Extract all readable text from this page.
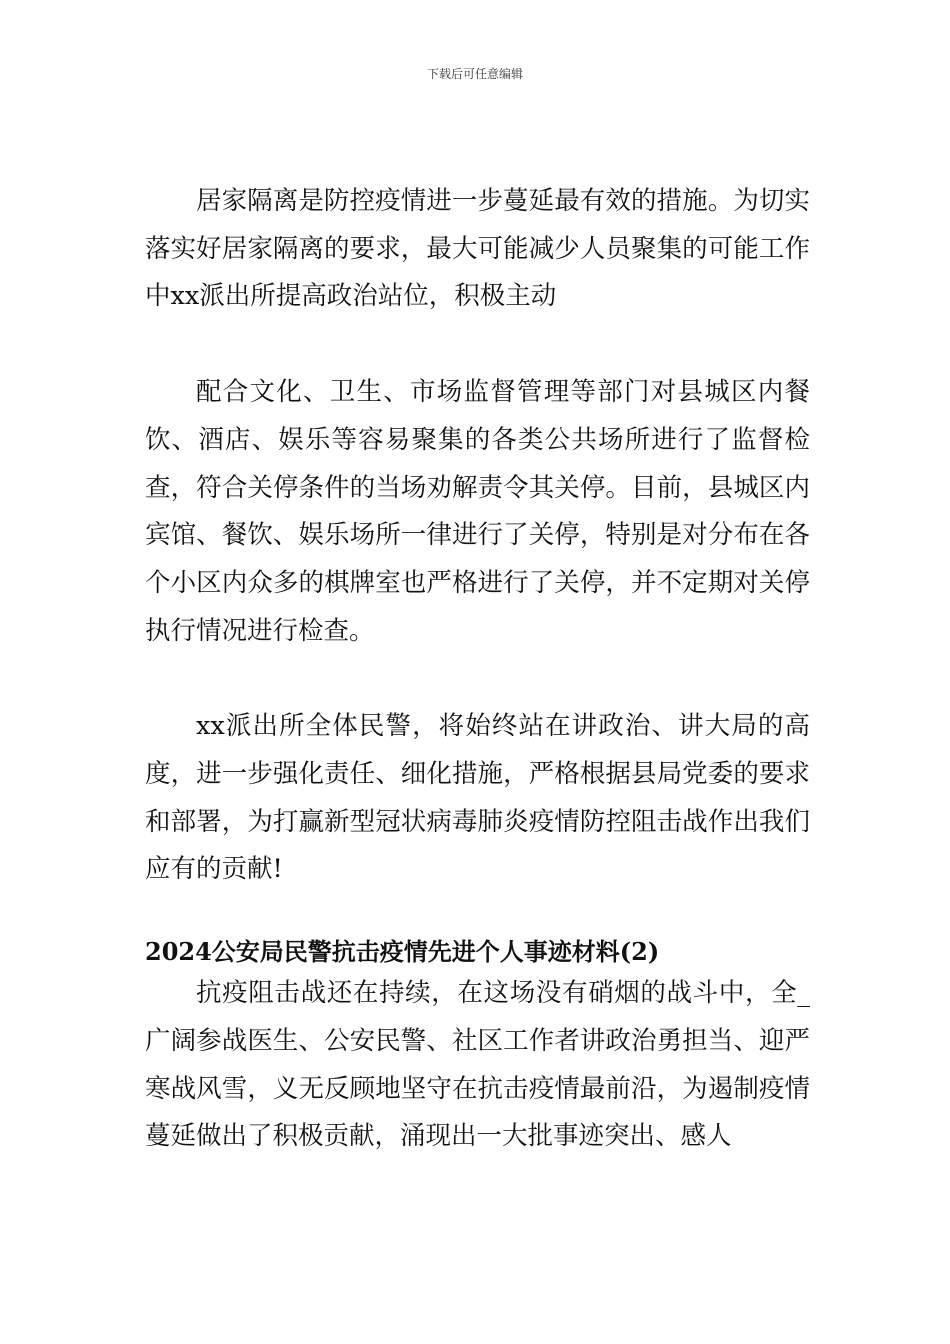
下载后可任意编辑

居家隔离是防控疫情进一步蔓延最有效的措施。为切实落实好居家隔离的要求，最大可能减少人员聚集的可能工作中xx派出所提高政治站位，积极主动

配合文化、卫生、市场监督管理等部门对县城区内餐饮、酒店、娱乐等容易聚集的各类公共场所进行了监督检查，符合关停条件的当场劝解责令其关停。目前，县城区内宾馆、餐饮、娱乐场所一律进行了关停，特别是对分布在各个小区内众多的棋牌室也严格进行了关停，并不定期对关停执行情况进行检查。

xx派出所全体民警，将始终站在讲政治、讲大局的高度，进一步强化责任、细化措施，严格根据县局党委的要求和部署，为打赢新型冠状病毒肺炎疫情防控阻击战作出我们应有的贡献!

2024公安局民警抗击疫情先进个人事迹材料(2)

抗疫阻击战还在持续，在这场没有硝烟的战斗中，全_广阔参战医生、公安民警、社区工作者讲政治勇担当、迎严寒战风雪，义无反顾地坚守在抗击疫情最前沿，为遏制疫情蔓延做出了积极贡献，涌现出一大批事迹突出、感人
